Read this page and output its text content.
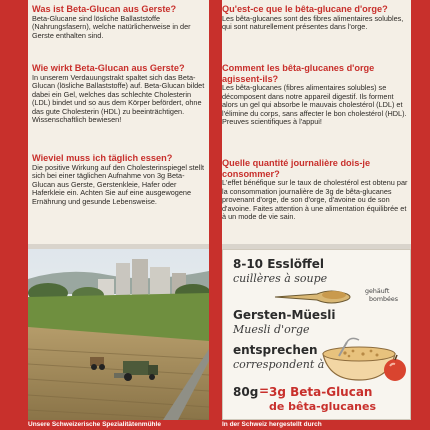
Was ist Beta-Glucan aus Gerste?
Beta-Glucane sind lösliche Ballaststoffe (Nahrungsfasern), welche natürlicherweise in der Gerste enthalten sind.
Wie wirkt Beta-Glucan aus Gerste?
In unserem Verdauungstrakt spaltet sich das Beta-Glucan (lösliche Ballaststoffe) auf. Beta-Glucan bildet dabei ein Gel, welches das schlechte Cholesterin (LDL) bindet und so aus dem Körper befördert, ohne das gute Cholesterin (HDL) zu beeinträchtigen. Wissenschaftlich bewiesen!
Wieviel muss ich täglich essen?
Die positive Wirkung auf den Cholesterinspiegel stellt sich bei einer täglichen Aufnahme von 3g Beta-Glucan aus Gerste, Gerstenkleie, Hafer oder Haferkleie ein. Achten Sie auf eine ausgewogene Ernährung und gesunde Lebensweise.
Qu'est-ce que le bêta-glucane d'orge?
Les bêta-glucanes sont des fibres alimentaires solubles, qui sont naturellement présentes dans l'orge.
Comment les bêta-glucanes d'orge agissent-ils?
Les bêta-glucanes (fibres alimentaires solubles) se décomposent dans notre appareil digestif. Ils forment alors un gel qui absorbe le mauvais cholestérol (LDL) et l'élimine du corps, sans affecter le bon cholestérol (HDL). Preuves scientifiques à l'appui!
Quelle quantité journalière dois-je consommer?
L'effet bénéfique sur le taux de cholestérol est obtenu par la consommation journalière de 3g de bêta-glucanes provenant d'orge, de son d'orge, d'avoine ou de son d'avoine. Faites attention à une alimentation équilibrée et à un mode de vie sain.
8-10 Esslöffel
cuillères à soupe
gehäuft
bombées
Gersten-Müesli
Muesli d'orge
entsprechen
correspondent à
80g = 3g Beta-Glucan
de bêta-glucanes
Unsere Schweizerische Spezialitätenmühle	In der Schweiz hergestellt durch
